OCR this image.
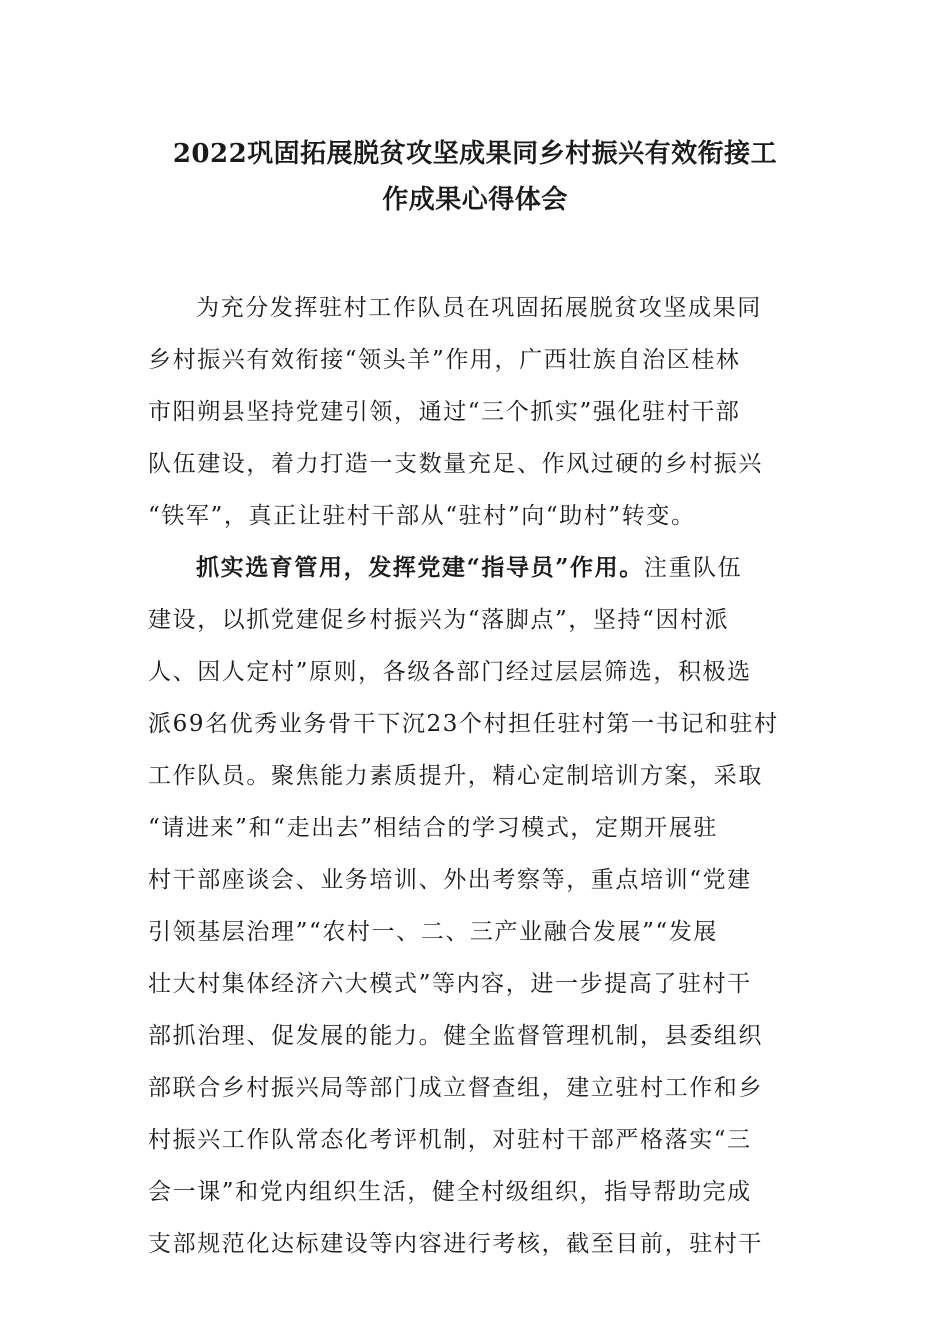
2022巩固拓展脱贫攻坚成果同乡村振兴有效衔接工
作成果心得体会
为充分发挥驻村工作队员在巩固拓展脱贫攻坚成果同
乡村振兴有效衔接“领头羊”作用，广西壮族自治区桂林
市阳朔县坚持党建引领，通过“三个抓实”强化驻村干部
队伍建设，着力打造一支数量充足、作风过硬的乡村振兴
“铁军”，真正让驻村干部从“驻村”向“助村”转变。
抓实选育管用，发挥党建“指导员”作用。注重队伍
建设，以抓党建促乡村振兴为“落脚点”，坚持“因村派
人、因人定村”原则，各级各部门经过层层筛选，积极选
派69名优秀业务骨干下沉23个村担任驻村第一书记和驻村
工作队员。聚焦能力素质提升，精心定制培训方案，采取
“请进来”和“走出去”相结合的学习模式，定期开展驻
村干部座谈会、业务培训、外出考察等，重点培训“党建
引领基层治理”“农村一、二、三产业融合发展”“发展
壮大村集体经济六大模式”等内容，进一步提高了驻村干
部抓治理、促发展的能力。健全监督管理机制，县委组织
部联合乡村振兴局等部门成立督查组，建立驻村工作和乡
村振兴工作队常态化考评机制，对驻村干部严格落实“三
会一课”和党内组织生活，健全村级组织，指导帮助完成
支部规范化达标建设等内容进行考核，截至目前，驻村干
